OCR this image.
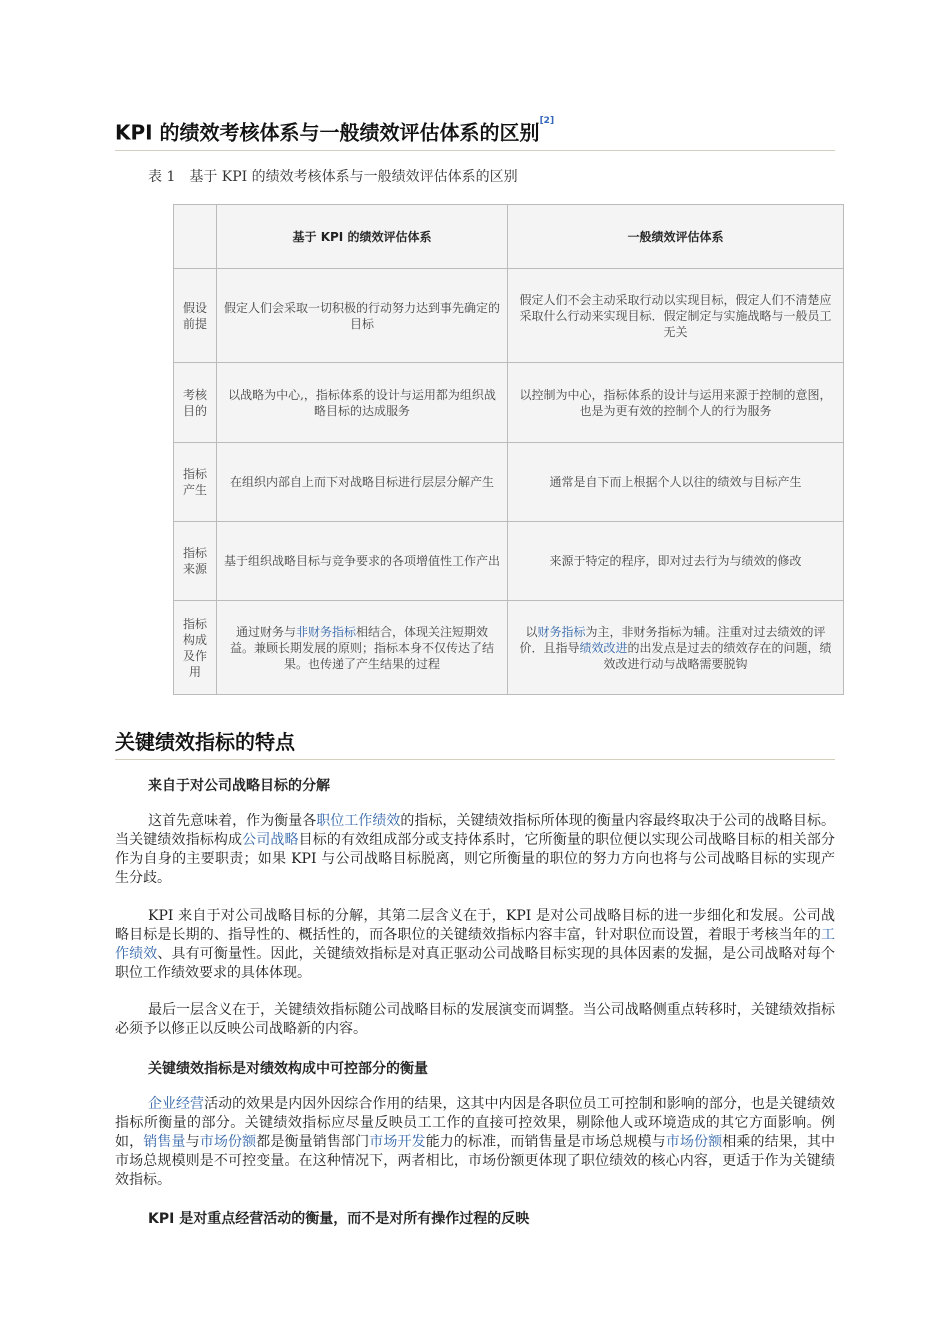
KPI 的绩效考核体系与一般绩效评估体系的区别[2]
表 1　基于 KPI 的绩效考核体系与一般绩效评估体系的区别
	基于 KPI 的绩效评估体系	一般绩效评估体系
假设前提	假定人们会采取一切积极的行动努力达到事先确定的目标	假定人们不会主动采取行动以实现目标，假定人们不清楚应采取什么行动来实现目标．假定制定与实施战略与一般员工无关
考核目的	以战略为中心,，指标体系的设计与运用都为组织战略目标的达成服务	以控制为中心，指标体系的设计与运用来源于控制的意图，也是为更有效的控制个人的行为服务
指标产生	在组织内部自上而下对战略目标进行层层分解产生	通常是自下而上根据个人以往的绩效与目标产生
指标来源	基于组织战略目标与竞争要求的各项增值性工作产出	来源于特定的程序，即对过去行为与绩效的修改
指标构成及作用	通过财务与非财务指标相结合，体现关注短期效益。兼顾长期发展的原则；指标本身不仅传达了结果。也传递了产生结果的过程	以财务指标为主，非财务指标为辅。注重对过去绩效的评价．且指导绩效改进的出发点是过去的绩效存在的问题，绩效改进行动与战略需要脱钩
关键绩效指标的特点
来自于对公司战略目标的分解

这首先意味着，作为衡量各职位工作绩效的指标，关键绩效指标所体现的衡量内容最终取决于公司的战略目标。当关键绩效指标构成公司战略目标的有效组成部分或支持体系时，它所衡量的职位便以实现公司战略目标的相关部分作为自身的主要职责；如果 KPI 与公司战略目标脱离，则它所衡量的职位的努力方向也将与公司战略目标的实现产生分歧。

KPI 来自于对公司战略目标的分解，其第二层含义在于，KPI 是对公司战略目标的进一步细化和发展。公司战略目标是长期的、指导性的、概括性的，而各职位的关键绩效指标内容丰富，针对职位而设置，着眼于考核当年的工作绩效、具有可衡量性。因此，关键绩效指标是对真正驱动公司战略目标实现的具体因素的发掘，是公司战略对每个职位工作绩效要求的具体体现。

最后一层含义在于，关键绩效指标随公司战略目标的发展演变而调整。当公司战略侧重点转移时，关键绩效指标必须予以修正以反映公司战略新的内容。

关键绩效指标是对绩效构成中可控部分的衡量

企业经营活动的效果是内因外因综合作用的结果，这其中内因是各职位员工可控制和影响的部分，也是关键绩效指标所衡量的部分。关键绩效指标应尽量反映员工工作的直接可控效果，剔除他人或环境造成的其它方面影响。例如，销售量与市场份额都是衡量销售部门市场开发能力的标准，而销售量是市场总规模与市场份额相乘的结果，其中市场总规模则是不可控变量。在这种情况下，两者相比，市场份额更体现了职位绩效的核心内容，更适于作为关键绩效指标。

KPI 是对重点经营活动的衡量，而不是对所有操作过程的反映
